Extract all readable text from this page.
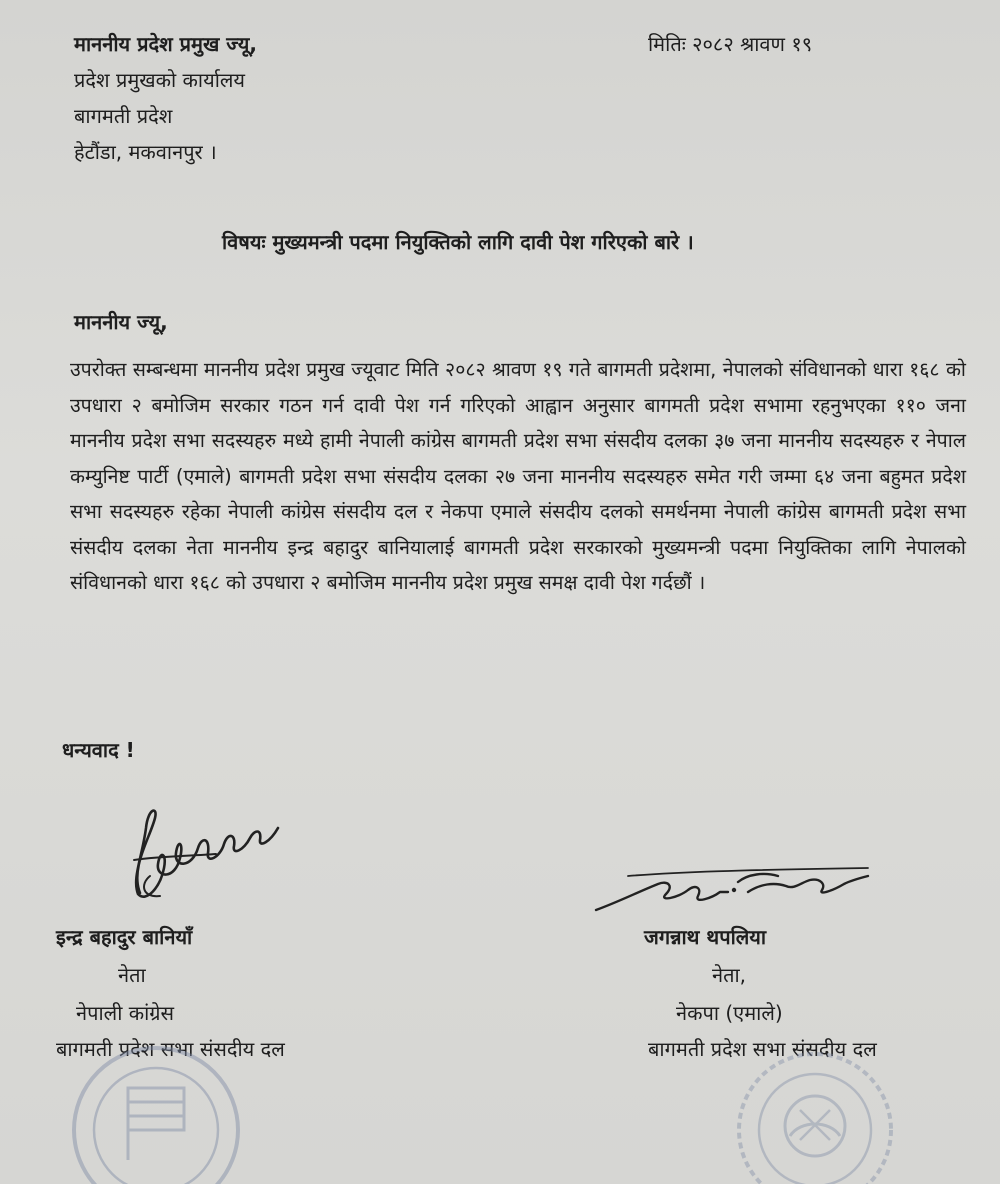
माननीय प्रदेश प्रमुख ज्यू,
प्रदेश प्रमुखको कार्यालय
बागमती प्रदेश
हेटौंडा, मकवानपुर ।
मितिः २०८२ श्रावण १९
विषयः मुख्यमन्त्री पदमा नियुक्तिको लागि दावी पेश गरिएको बारे ।
माननीय ज्यू,
उपरोक्त सम्बन्धमा माननीय प्रदेश प्रमुख ज्यूवाट मिति २०८२ श्रावण १९ गते बागमती प्रदेशमा, नेपालको संविधानको धारा १६८ को उपधारा २ बमोजिम सरकार गठन गर्न दावी पेश गर्न गरिएको आह्वान अनुसार बागमती प्रदेश सभामा रहनुभएका ११० जना माननीय प्रदेश सभा सदस्यहरु मध्ये हामी नेपाली कांग्रेस बागमती प्रदेश सभा संसदीय दलका ३७ जना माननीय सदस्यहरु र नेपाल कम्युनिष्ट पार्टी (एमाले) बागमती प्रदेश सभा संसदीय दलका २७ जना माननीय सदस्यहरु समेत गरी जम्मा ६४ जना बहुमत प्रदेश सभा सदस्यहरु रहेका नेपाली कांग्रेस संसदीय दल र नेकपा एमाले संसदीय दलको समर्थनमा नेपाली कांग्रेस बागमती प्रदेश सभा संसदीय दलका नेता माननीय इन्द्र बहादुर बानियालाई बागमती प्रदेश सरकारको मुख्यमन्त्री पदमा नियुक्तिका लागि नेपालको संविधानको धारा १६८ को उपधारा २ बमोजिम माननीय प्रदेश प्रमुख समक्ष दावी पेश गर्दछौं ।
धन्यवाद !
इन्द्र बहादुर बानियाँ
नेता
नेपाली कांग्रेस
बागमती प्रदेश सभा संसदीय दल
जगन्नाथ थपलिया
नेता,
नेकपा (एमाले)
बागमती प्रदेश सभा संसदीय दल
